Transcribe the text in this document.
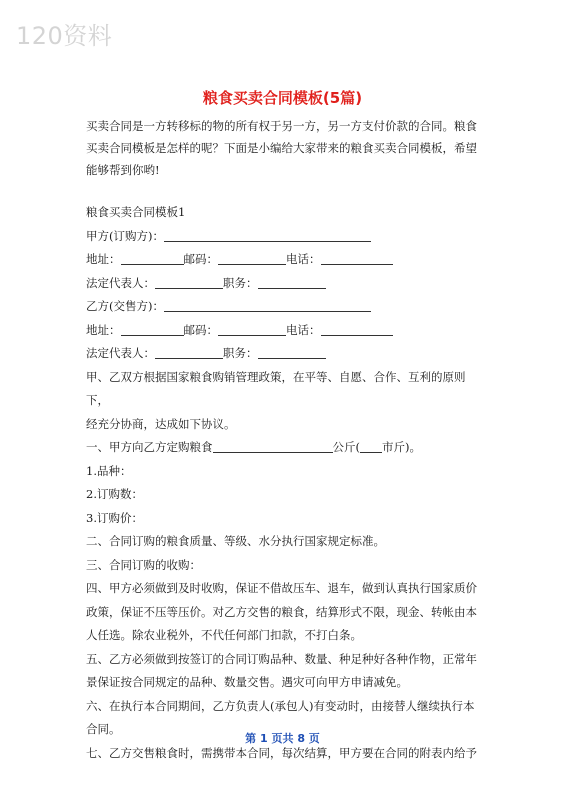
120资料
粮食买卖合同模板(5篇)

买卖合同是一方转移标的物的所有权于另一方，另一方支付价款的合同。粮食

买卖合同模板是怎样的呢？下面是小编给大家带来的粮食买卖合同模板，希望

能够帮到你哟!

粮食买卖合同模板1

甲方(订购方)：

地址：	邮码：	电话：

法定代表人：	职务：

乙方(交售方)：

地址：	邮码：	电话：

法定代表人：	职务：

甲、乙双方根据国家粮食购销管理政策，在平等、自愿、合作、互利的原则下，

经充分协商，达成如下协议。

一、甲方向乙方定购粮食	公斤( 市斤)。

1.品种：

2.订购数：

3.订购价：

二、合同订购的粮食质量、等级、水分执行国家规定标准。

三、合同订购的收购：

四、甲方必须做到及时收购，保证不借故压车、退车，做到认真执行国家质价

政策，保证不压等压价。对乙方交售的粮食，结算形式不限，现金、转帐由本

人任选。除农业税外，不代任何部门扣款，不打白条。

五、乙方必须做到按签订的合同订购品种、数量、种足种好各种作物，正常年

景保证按合同规定的品种、数量交售。遇灾可向甲方申请减免。

六、在执行本合同期间，乙方负责人(承包人)有变动时，由接替人继续执行本

合同。

七、乙方交售粮食时，需携带本合同，每次结算，甲方要在合同的附表内给予

第 1 页共 8 页
